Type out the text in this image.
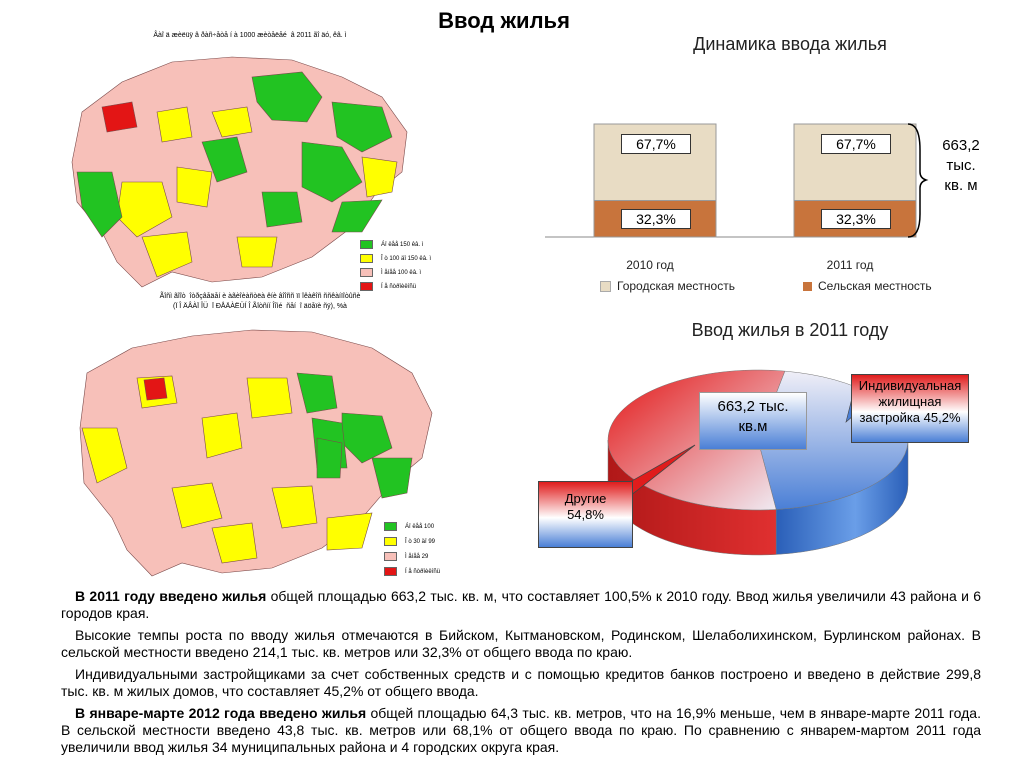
Ввод жилья
Âàî ä æèëüÿ â ðàñ÷åòå í à 1000 æèòåëåé  â 2011 ãî äó, êâ. ì
Áî ëåå 150 êâ. ì
Î ò 100 äî 150 êâ. ì
Ì åíåå 100 êâ. ì
Í å ñòðîèëîñü
Ãîñì ãîîò  îòðçâåäåí è àãèîèàñòëà êíè âîîññ ïï îêàêîñ ññêàíïîòûñè
(Ï Î ÄÂÀÏ ÎÜ  Ï ÐÅÄÀËÜÍ Î Ãîòñíí Îîìé  ñåí  î äöåïè ñÿ), %à
Áî ëåå 100
Î ò 30 äî 99
Ì åíåå 29
Í å ñòðîèëîñü
Динамика ввода жилья
32,3%
67,7%
32,3%
67,7%	663,2
тыс.
кв. м
2010 год	2011 год
Городская местность	Сельская местность
Ввод жилья в 2011 году
663,2 тыс.
кв.м
Индивидуальная
жилищная
застройка 45,2%
Другие
54,8%

В 2011 году введено жилья общей площадью 663,2 тыс. кв. м, что составляет 100,5% к 2010 году. Ввод жилья увеличили 43 района и 6 городов края.

Высокие темпы роста по вводу жилья отмечаются в Бийском, Кытмановском, Родинском, Шелаболихинском, Бурлинском районах. В сельской местности введено 214,1 тыс. кв. метров или 32,3% от общего ввода по краю.

Индивидуальными застройщиками за счет собственных средств и с помощью кредитов банков построено и введено в действие 299,8 тыс. кв. м жилых домов, что составляет 45,2% от общего ввода.

В январе-марте 2012 года введено жилья общей площадью 64,3 тыс. кв. метров, что на 16,9% меньше, чем в январе-марте 2011 года. В сельской местности введено 43,8 тыс. кв. метров или 68,1% от общего ввода по краю. По сравнению с январем-мартом 2011 года увеличили ввод жилья 34 муниципальных района и 4 городских округа края.
